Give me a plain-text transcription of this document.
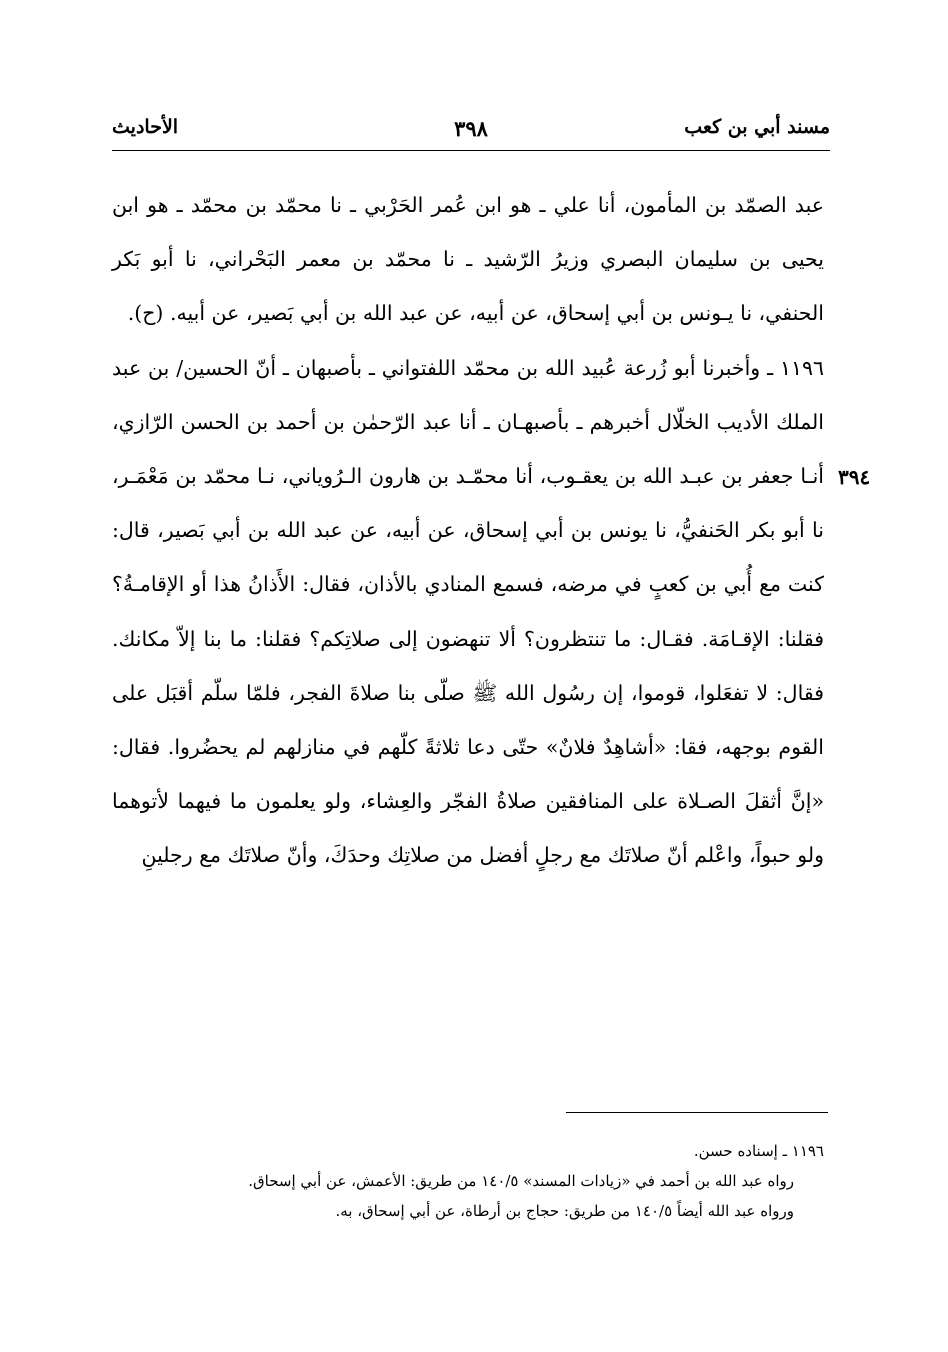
مسند أبي بن كعب
٣٩٨
الأحاديث
٣٩٤

عبد الصمّد بن المأمون، أنا علي ـ هو ابن عُمر الحَرْبي ـ نا محمّد بن محمّد ـ هو ابن يحيى بن سليمان البصري وزيرُ الرّشيد ـ نا محمّد بن معمر البَحْراني، نا أبو بَكر الحنفي، نا يـونس بن أبي إسحاق، عن أبيه، عن عبد الله بن أبي بَصير، عن أبيه. (ح).

١١٩٦ ـ وأخبرنا أبو زُرعة عُبيد الله بن محمّد اللفتواني ـ بأصبهان ـ أنّ الحسين/ بن عبد الملك الأديب الخلّال أخبرهم ـ بأصبهـان ـ أنا عبد الرّحمٰن بن أحمد بن الحسن الرّازي، أنـا جعفر بن عبـد الله بن يعقـوب، أنا محمّـد بن هارون الـرُوياني، نـا محمّد بن مَعْمَـر، نا أبو بكر الحَنفيُّ، نا يونس بن أبي إسحاق، عن أبيه، عن عبد الله بن أبي بَصير، قال: كنت مع أُبي بن كعبٍ في مرضه، فسمع المنادي بالأذان، فقال: الأَذانُ هذا أو الإقامـةُ؟ فقلنا: الإقـامَة. فقـال: ما تنتظرون؟ ألا تنهضون إلى صلاتِكم؟ فقلنا: ما بنا إلاّ مكانك. فقال: لا تفعَلوا، قوموا، إن رسُول الله ﷺ صلّى بنا صلاةَ الفجر، فلمّا سلّم أقبَل على القوم بوجهه، فقا: «أشاهِدٌ فلانٌ» حتّى دعا ثلاثةً كلّهم في منازلهم لم يحضُروا. فقال: «إنَّ أثقلَ الصـلاة على المنافقين صلاةُ الفجّر والعِشاء، ولو يعلمون ما فيهما لأتوهما ولو حبواً، واعْلم أنّ صلاتَك مع رجلٍ أفضل من صلاتِك وحدَكَ، وأنّ صلاتَك مع رجلينِ

١١٩٦ ـ إسناده حسن.

رواه عبد الله بن أحمد في «زيادات المسند» ١٤٠/٥ من طريق: الأعمش، عن أبي إسحاق.

ورواه عبد الله أيضاً ١٤٠/٥ من طريق: حجاج بن أرطاة، عن أبي إسحاق، به.
